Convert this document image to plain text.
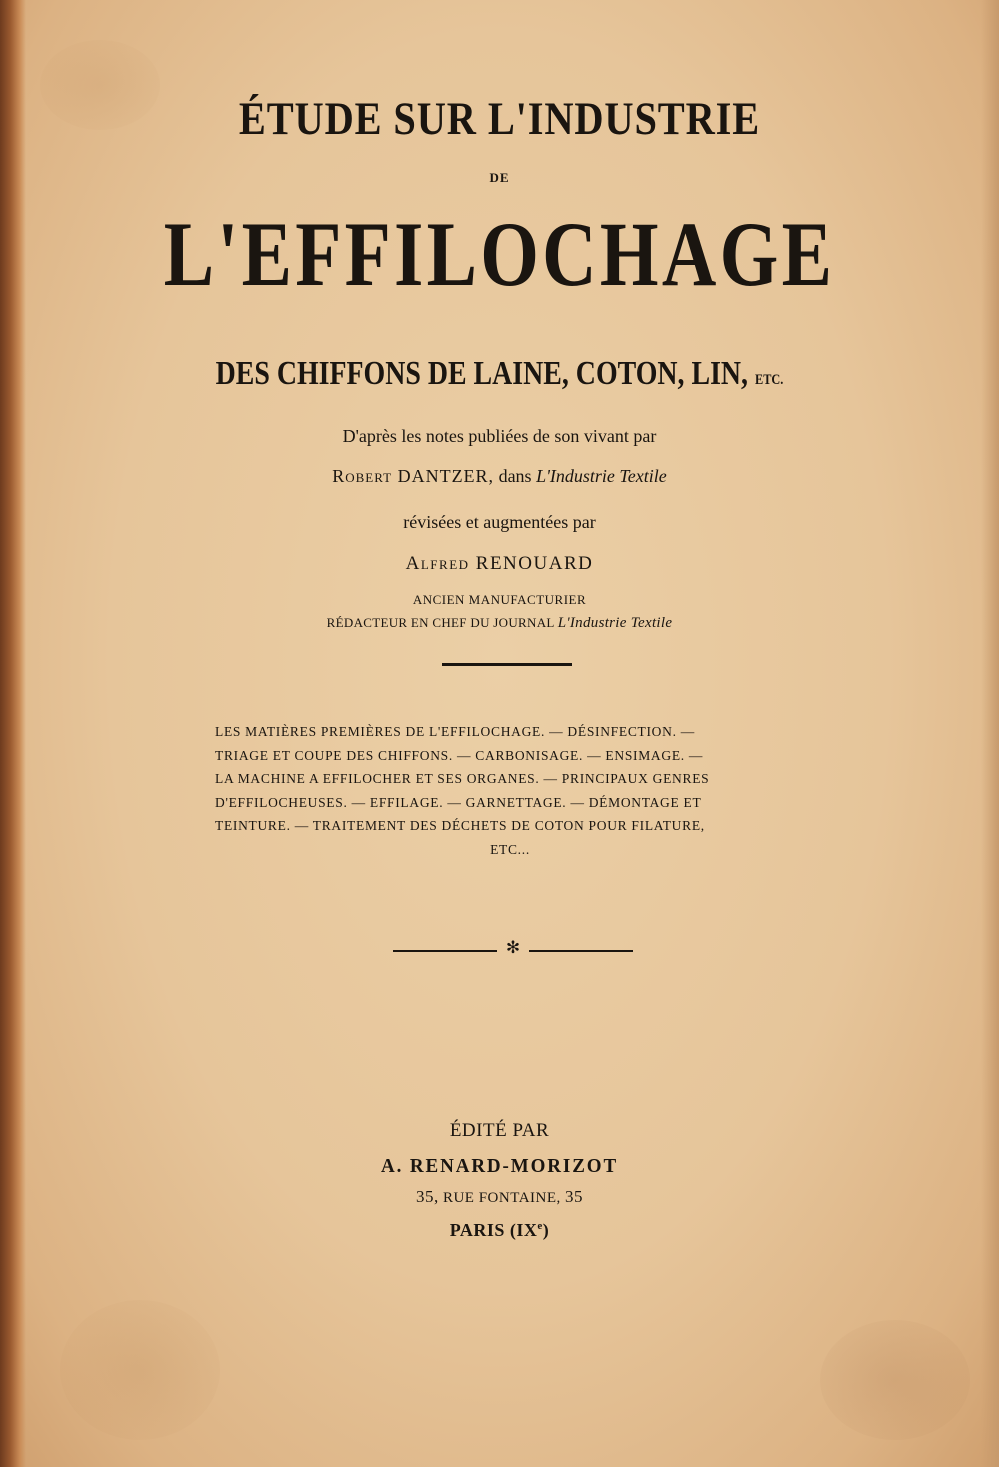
ÉTUDE SUR L'INDUSTRIE
DE
L'EFFILOCHAGE
DES CHIFFONS DE LAINE, COTON, LIN, ETC.
D'après les notes publiées de son vivant par
Robert DANTZER, dans L'Industrie Textile
révisées et augmentées par
Alfred RENOUARD
ANCIEN MANUFACTURIER
RÉDACTEUR EN CHEF DU JOURNAL L'Industrie Textile
LES MATIÈRES PREMIÈRES DE L'EFFILOCHAGE. — DÉSINFECTION. —
TRIAGE ET COUPE DES CHIFFONS. — CARBONISAGE. — ENSIMAGE. —
LA MACHINE A EFFILOCHER ET SES ORGANES. — PRINCIPAUX GENRES
D'EFFILOCHEUSES. — EFFILAGE. — GARNETTAGE. — DÉMONTAGE ET
TEINTURE. — TRAITEMENT DES DÉCHETS DE COTON POUR FILATURE,
ETC...
✻
ÉDITÉ PAR
A. RENARD-MORIZOT
35, RUE FONTAINE, 35
PARIS (IXe)
